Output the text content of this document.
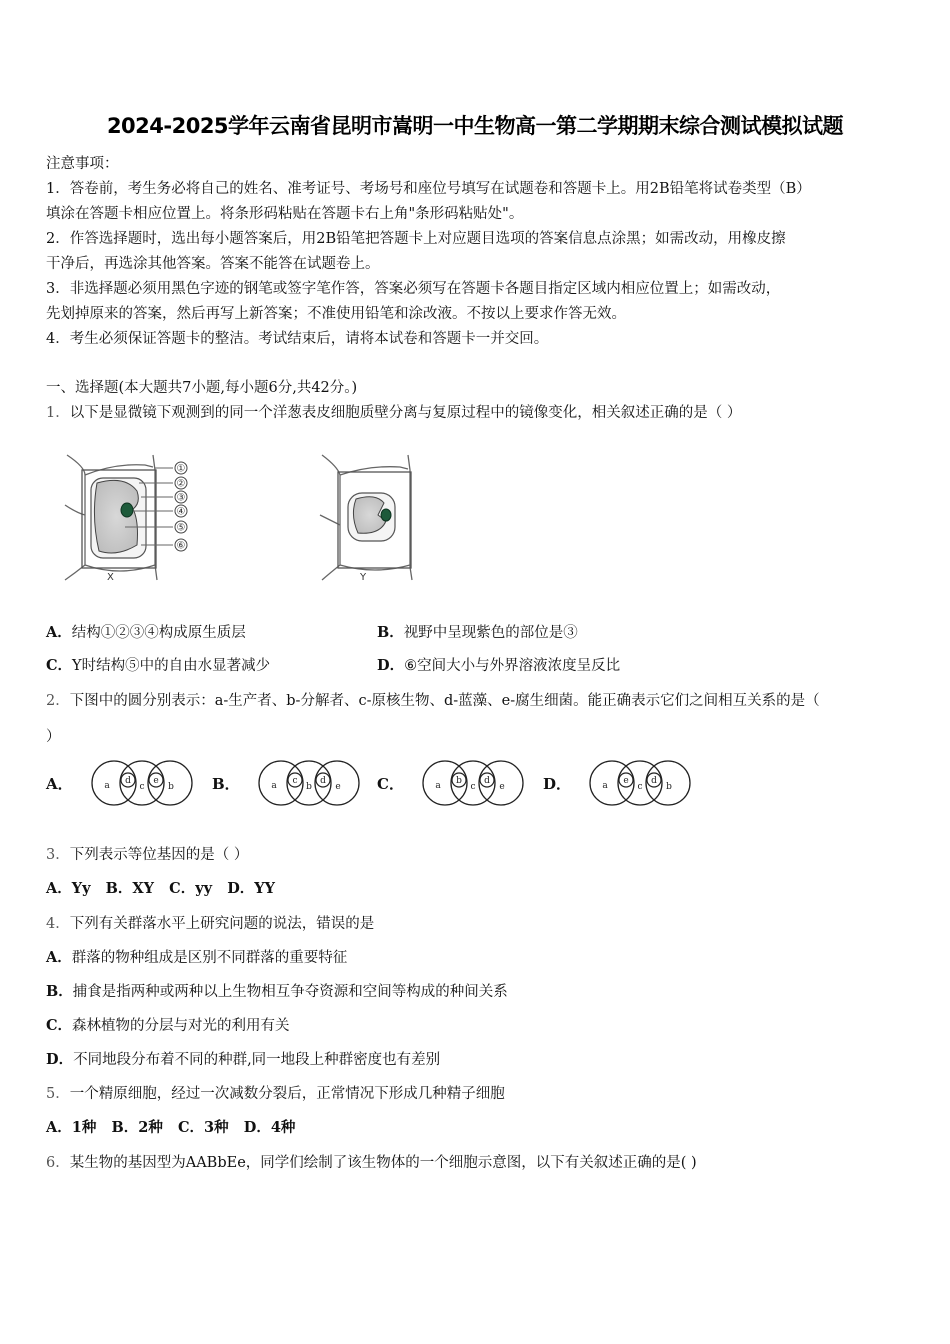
2024-2025学年云南省昆明市嵩明一中生物高一第二学期期末综合测试模拟试题
注意事项：
1．答卷前，考生务必将自己的姓名、准考证号、考场号和座位号填写在试题卷和答题卡上。用2B铅笔将试卷类型（B）
填涂在答题卡相应位置上。将条形码粘贴在答题卡右上角"条形码粘贴处"。
2．作答选择题时，选出每小题答案后，用2B铅笔把答题卡上对应题目选项的答案信息点涂黑；如需改动，用橡皮擦
干净后，再选涂其他答案。答案不能答在试题卷上。
3．非选择题必须用黑色字迹的钢笔或签字笔作答，答案必须写在答题卡各题目指定区域内相应位置上；如需改动，
先划掉原来的答案，然后再写上新答案；不准使用铅笔和涂改液。不按以上要求作答无效。
4．考生必须保证答题卡的整洁。考试结束后，请将本试卷和答题卡一并交回。
一、选择题(本大题共7小题,每小题6分,共42分。)
1．以下是显微镜下观测到的同一个洋葱表皮细胞质壁分离与复原过程中的镜像变化，相关叙述正确的是（ ）
①
②
③
④
⑤
⑥
X	Y
A．结构①②③④构成原生质层	B．视野中呈现紫色的部位是③
C．Y时结构⑤中的自由水显著减少	D．⑥空间大小与外界溶液浓度呈反比
2．下图中的圆分别表示：a-生产者、b-分解者、c-原核生物、d-蓝藻、e-腐生细菌。能正确表示它们之间相互关系的是（
）
A．	a d
c
e
b	B．	a c
b
d
e C．	a b
c
d
e	D．	a e
c
d
b
3．下列表示等位基因的是（ ）
A．Yy   B．XY   C．yy   D．YY
4．下列有关群落水平上研究问题的说法，错误的是
A．群落的物种组成是区别不同群落的重要特征
B．捕食是指两种或两种以上生物相互争夺资源和空间等构成的种间关系
C．森林植物的分层与对光的利用有关
D．不同地段分布着不同的种群,同一地段上种群密度也有差别
5．一个精原细胞，经过一次减数分裂后，正常情况下形成几种精子细胞
A．1种   B．2种   C．3种   D．4种
6．某生物的基因型为AABbEe，同学们绘制了该生物体的一个细胞示意图，以下有关叙述正确的是( )
